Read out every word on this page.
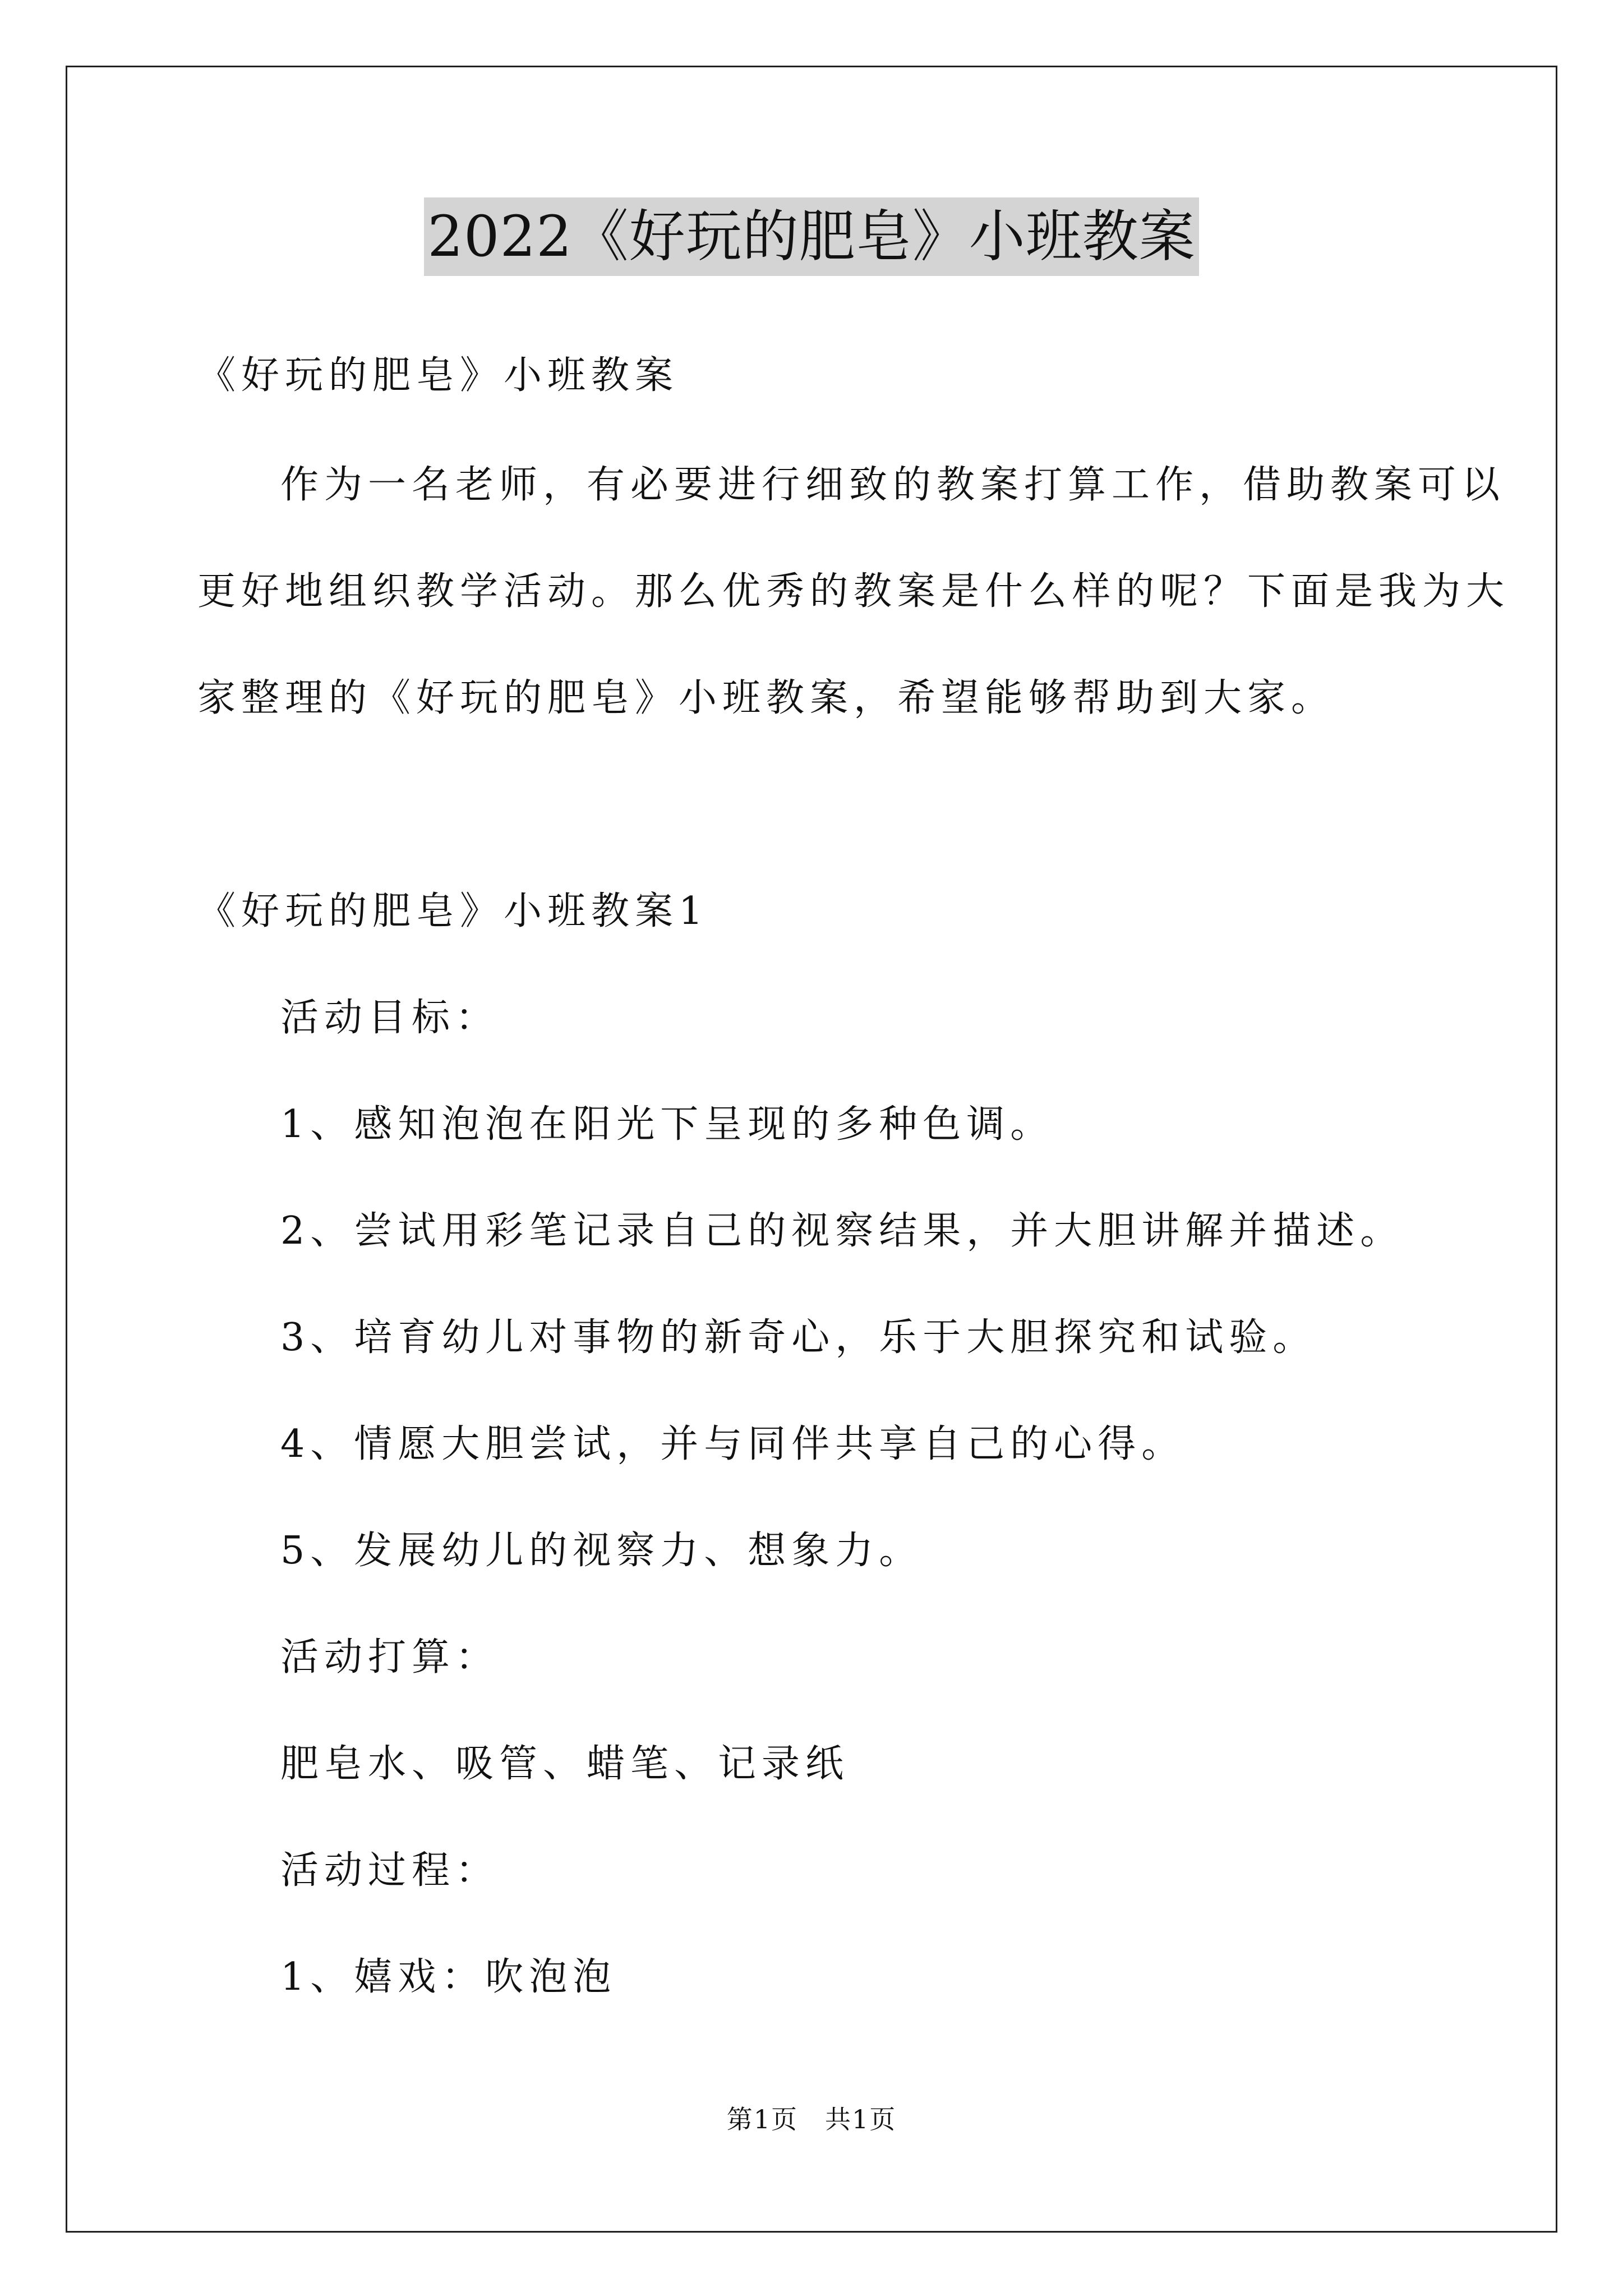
2022《好玩的肥皂》小班教案
《好玩的肥皂》小班教案
作为一名老师，有必要进行细致的教案打算工作，借助教案可以
更好地组织教学活动。那么优秀的教案是什么样的呢？下面是我为大
家整理的《好玩的肥皂》小班教案，希望能够帮助到大家。
《好玩的肥皂》小班教案1
活动目标：
1、感知泡泡在阳光下呈现的多种色调。
2、尝试用彩笔记录自己的视察结果，并大胆讲解并描述。
3、培育幼儿对事物的新奇心，乐于大胆探究和试验。
4、情愿大胆尝试，并与同伴共享自己的心得。
5、发展幼儿的视察力、想象力。
活动打算：
肥皂水、吸管、蜡笔、记录纸
活动过程：
1、嬉戏：吹泡泡
第1页　共1页
